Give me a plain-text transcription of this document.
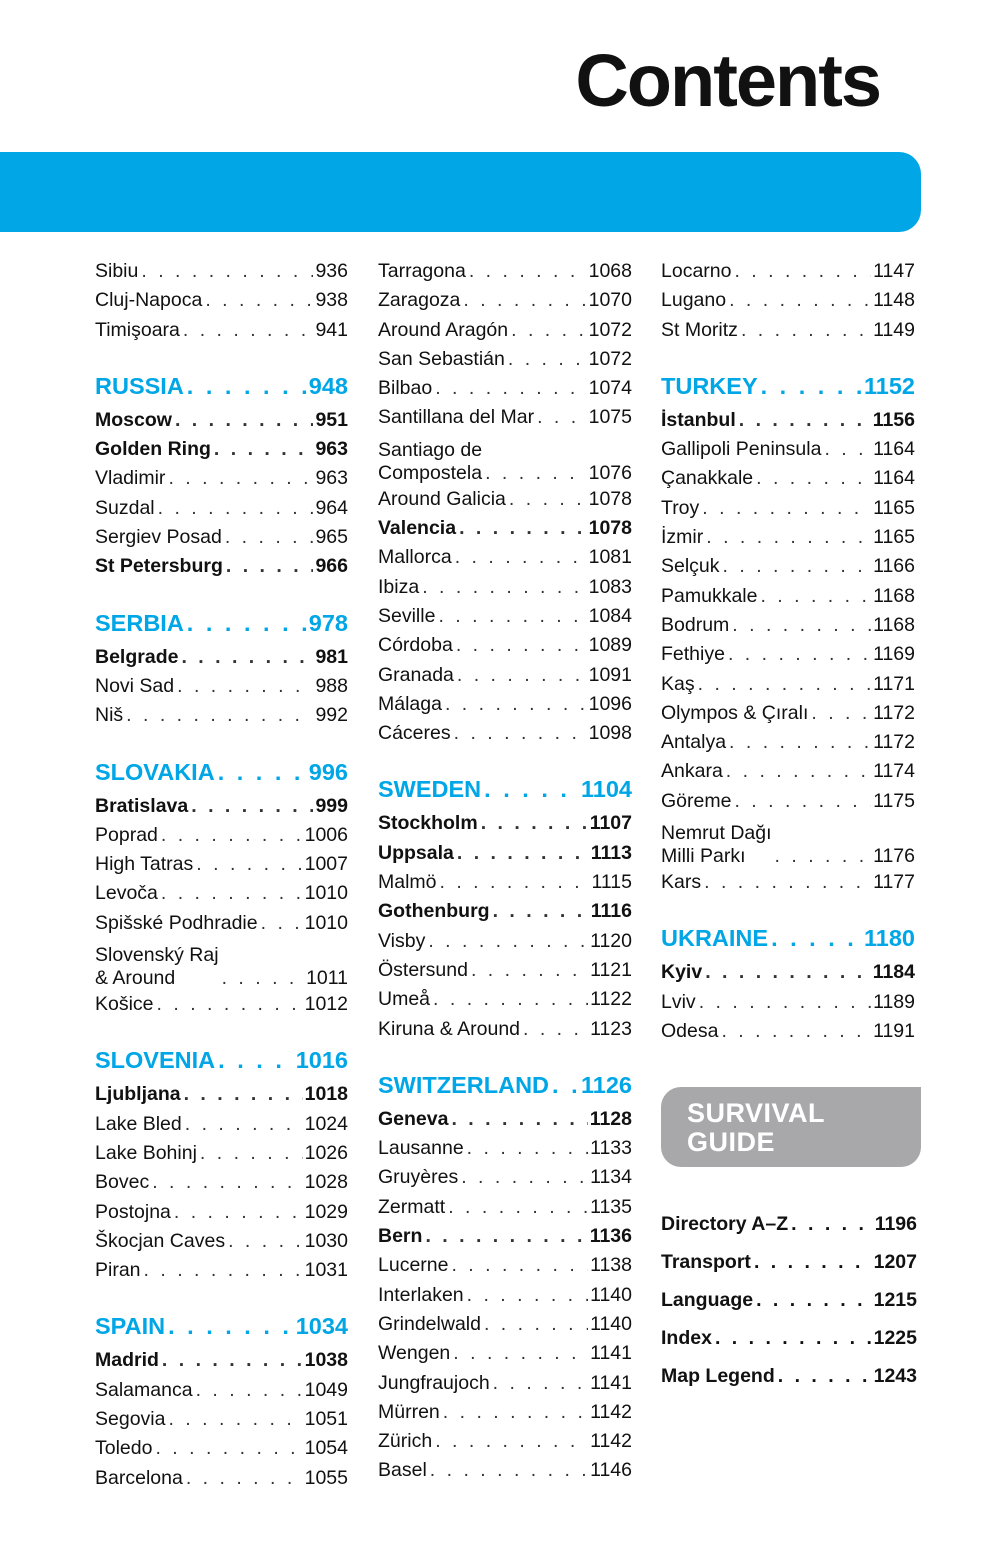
Contents
Sibiu . . .	936
Cluj-Napoca . . .	938
Timişoara . . .	941
RUSSIA . . .	948
Moscow . . .	951
Golden Ring . . .	963
Vladimir . . .	963
Suzdal . . .	964
Sergiev Posad . . .	965
St Petersburg . . .	966
SERBIA . . .	978
Belgrade . . .	981
Novi Sad . . .	988
Niš . . .	992
SLOVAKIA . . .	996
Bratislava . . .	999
Poprad . . .	1006
High Tatras . . .	1007
Levoča . . .	1010
Spišské Podhradie . . . 1010
Slovenský Raj
& Around . . .	1011
Košice . . .	1012
SLOVENIA . . .	1016
Ljubljana . . .	1018
Lake Bled . . .	1024
Lake Bohinj . . .	1026
Bovec . . .	1028
Postojna . . .	1029
Škocjan Caves . . .	1030
Piran . . .	1031
SPAIN . . .	1034
Madrid . . .	1038
Salamanca . . .	1049
Segovia . . .	1051
Toledo . . .	1054
Barcelona . . .	1055
Tarragona . . .	1068
Zaragoza . . .	1070
Around Aragón . . .	1072
San Sebastián . . .	1072
Bilbao . . .	1074
Santillana del Mar . . .	1075
Santiago de
Compostela . . .	1076
Around Galicia . . .	1078
Valencia . . .	1078
Mallorca . . .	1081
Ibiza . . .	1083
Seville . . .	1084
Córdoba . . .	1089
Granada . . .	1091
Málaga . . .	1096
Cáceres . . .	1098
SWEDEN . . .	1104
Stockholm . . .	1107
Uppsala . . .	1113
Malmö . . .	1115
Gothenburg . . .	1116
Visby . . .	1120
Östersund . . .	1121
Umeå . . .	1122
Kiruna & Around . . .	1123
SWITZERLAND . . . 1126
Geneva . . .	1128
Lausanne . . .	1133
Gruyères . . .	1134
Zermatt . . .	1135
Bern . . .	1136
Lucerne . . .	1138
Interlaken . . .	1140
Grindelwald . . .	1140
Wengen . . .	1141
Jungfraujoch . . .	1141
Mürren . . .	1142
Zürich . . .	1142
Basel . . .	1146
Locarno . . .	1147
Lugano . . .	1148
St Moritz . . .	1149
TURKEY . . .	1152
İstanbul . . .	1156
Gallipoli Peninsula . . .	1164
Çanakkale . . .	1164
Troy . . .	1165
İzmir . . .	1165
Selçuk . . .	1166
Pamukkale . . .	1168
Bodrum . . .	1168
Fethiye . . .	1169
Kaş . . .	1171
Olympos & Çıralı . . .	1172
Antalya . . .	1172
Ankara . . .	1174
Göreme . . .	1175
Nemrut Dağı
Milli Parkı . . .	1176
Kars . . .	1177
UKRAINE . . .	1180
Kyiv . . .	1184
Lviv . . .	1189
Odesa . . .	1191
SURVIVAL
GUIDE
Directory A–Z . . .	1196
Transport . . .	1207
Language . . .	1215
Index . . .	1225
Map Legend . . .	1243
